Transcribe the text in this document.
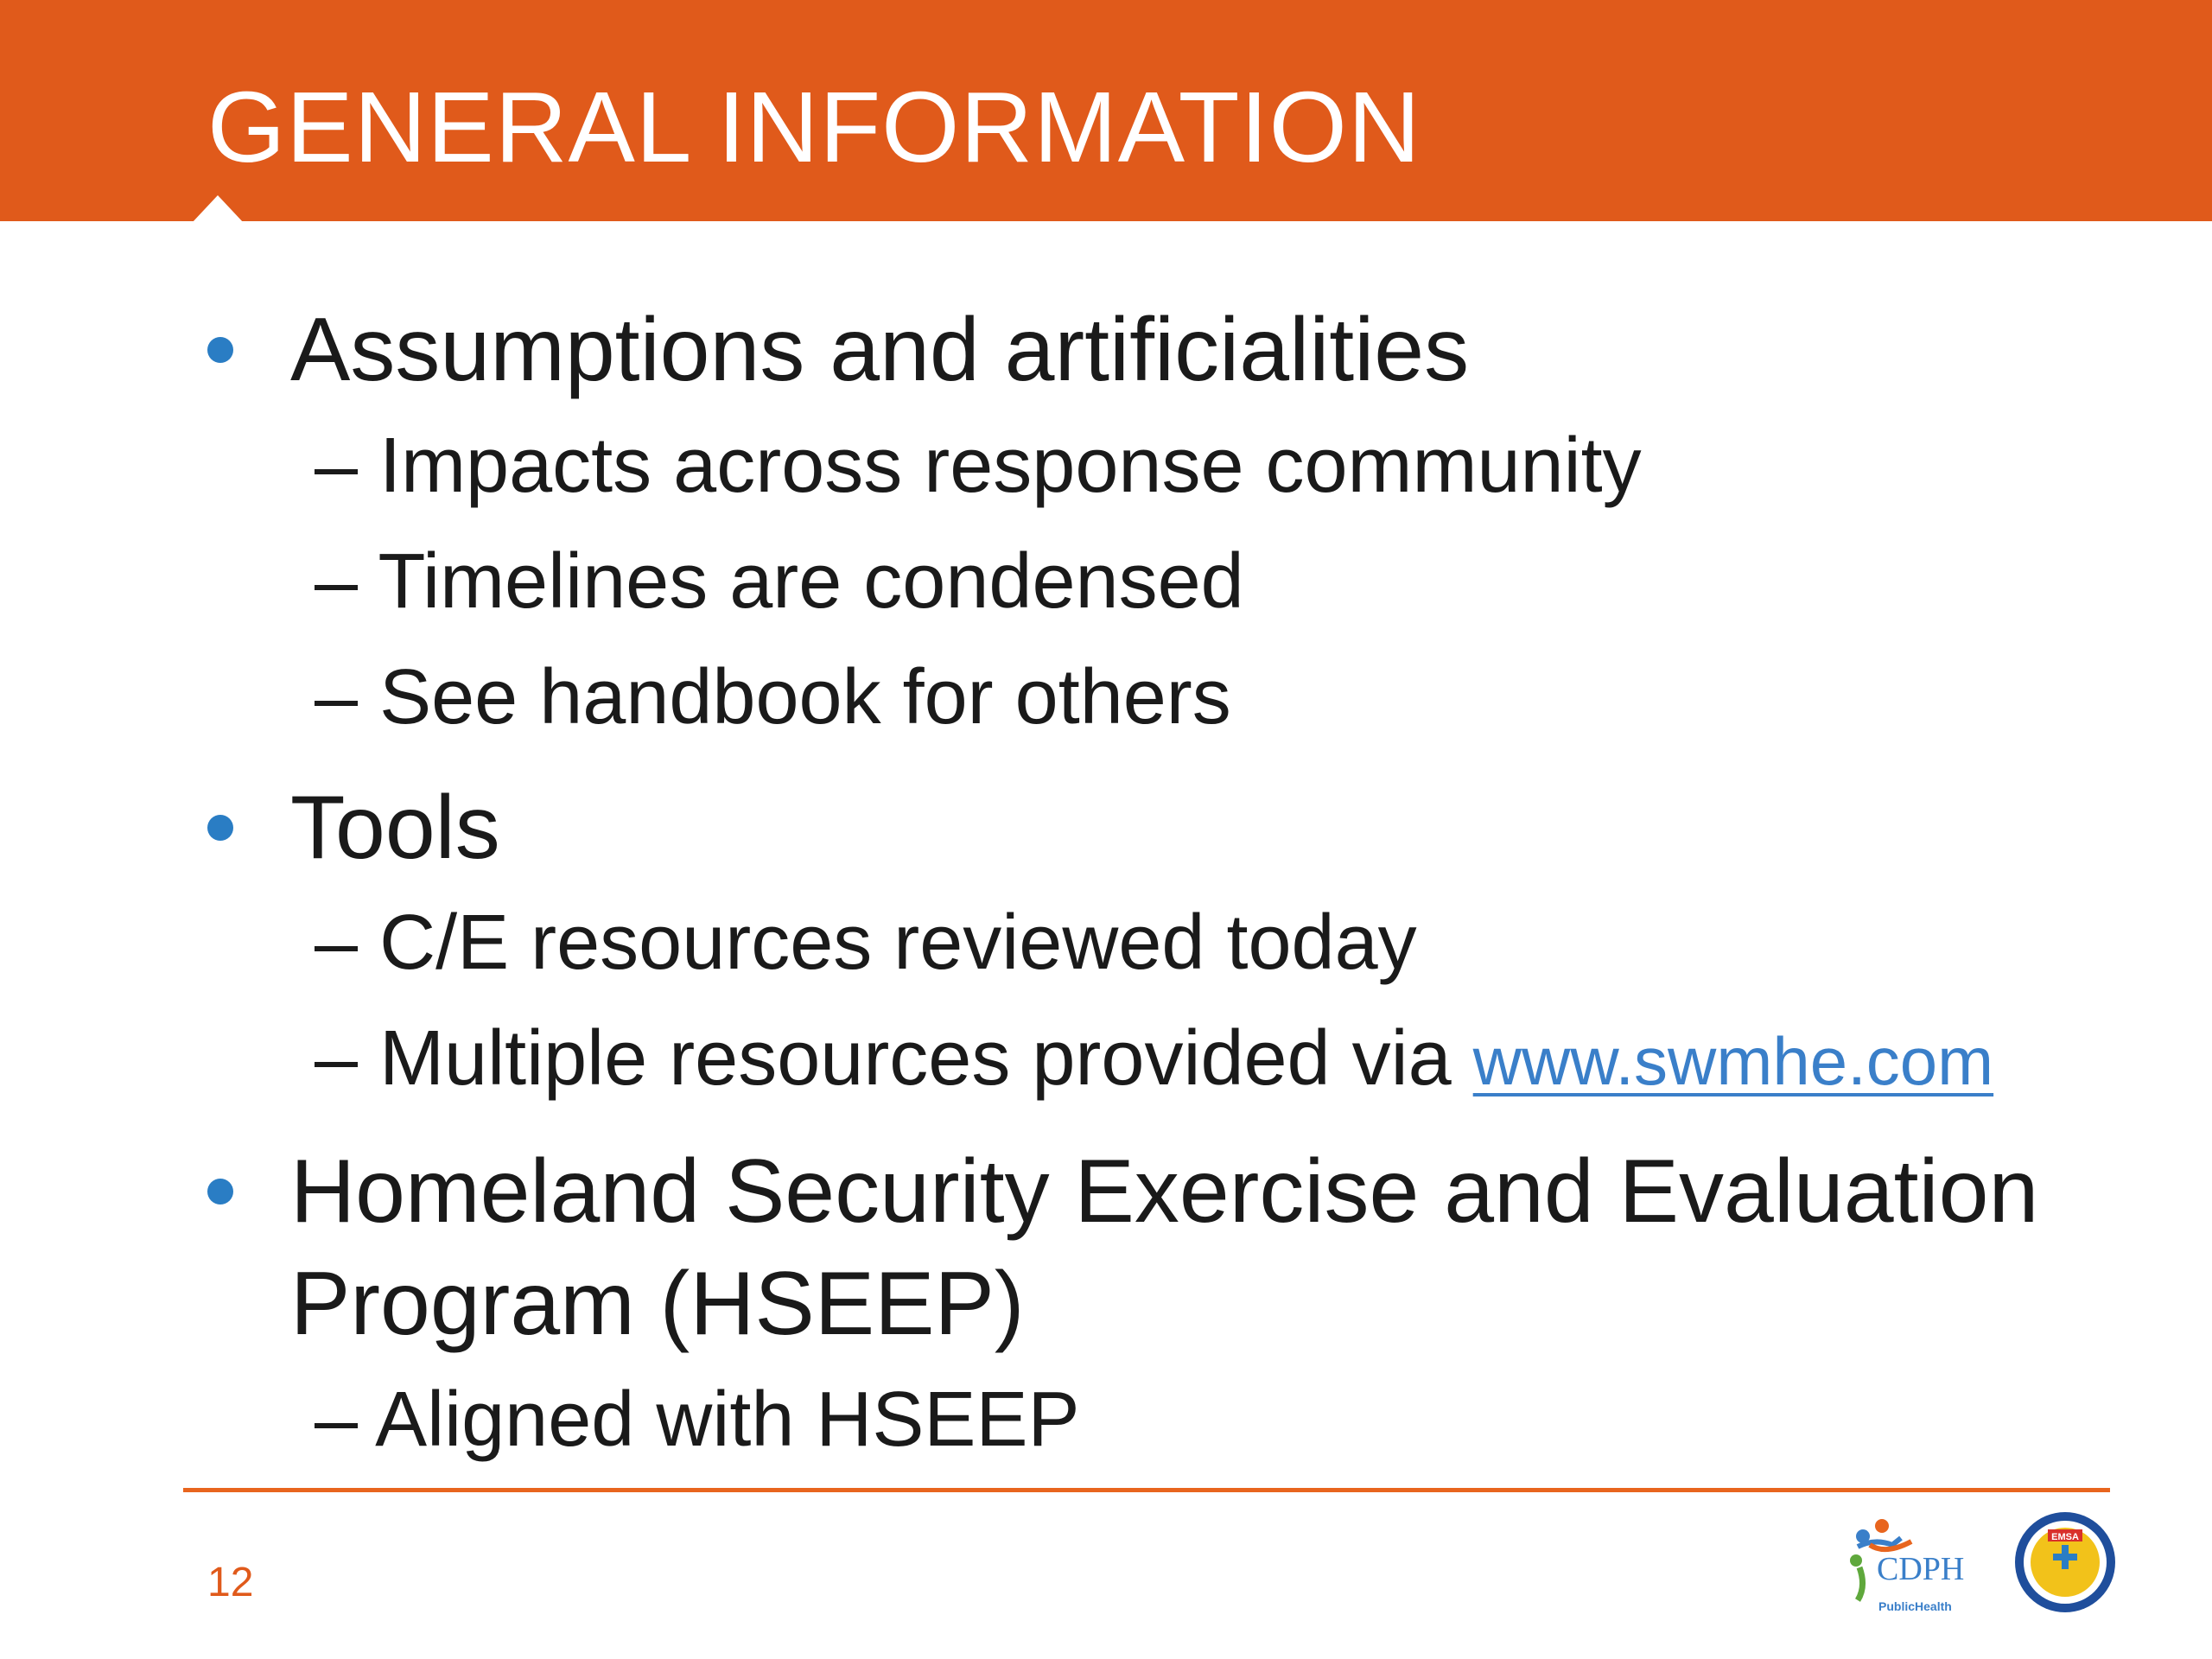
GENERAL INFORMATION
Assumptions and artificialities
– Impacts across response community
– Timelines are condensed
– See handbook for others
Tools
– C/E resources reviewed today
– Multiple resources provided via www.swmhe.com
Homeland Security Exercise and Evaluation Program (HSEEP)
– Aligned with HSEEP
12	CDPH
PublicHealth
EMSA
